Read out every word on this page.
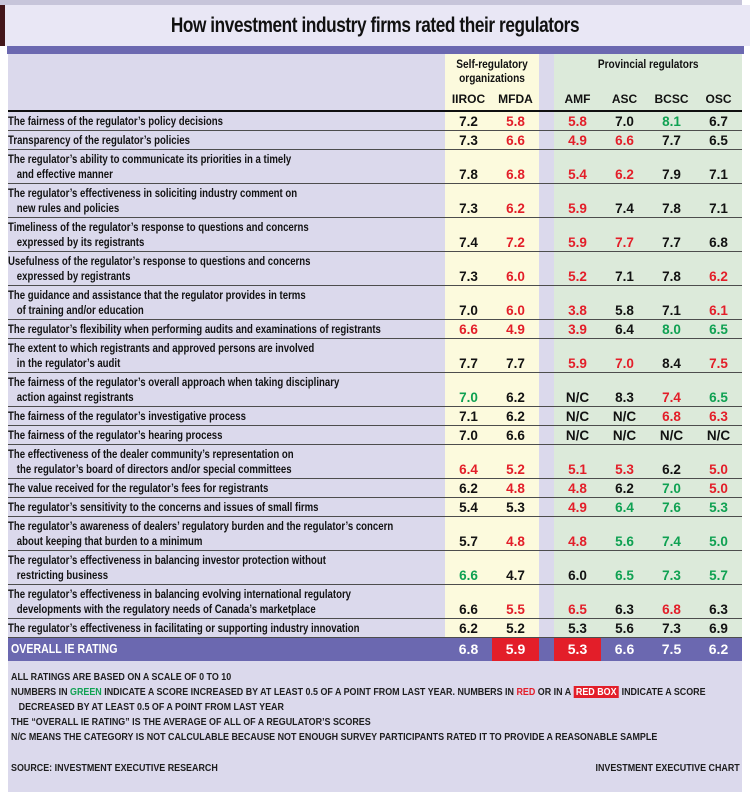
How investment industry firms rated their regulators
Self-regulatory organizations
Provincial regulators
IIROC	MFDA	AMF	ASC	BCSC	OSC
The fairness of the regulator’s policy decisions	7.2	5.8	5.8	7.0	8.1	6.7
Transparency of the regulator’s policies	7.3	6.6	4.9	6.6	7.7	6.5
The regulator’s ability to communicate its priorities in a timely
and effective manner	7.8	6.8	5.4	6.2	7.9	7.1
The regulator’s effectiveness in soliciting industry comment on
new rules and policies	7.3	6.2	5.9	7.4	7.8	7.1
Timeliness of the regulator’s response to questions and concerns
expressed by its registrants	7.4	7.2	5.9	7.7	7.7	6.8
Usefulness of the regulator’s response to questions and concerns
expressed by registrants	7.3	6.0	5.2	7.1	7.8	6.2
The guidance and assistance that the regulator provides in terms
of training and/or education	7.0	6.0	3.8	5.8	7.1	6.1
The regulator’s flexibility when performing audits and examinations of registrants	6.6	4.9	3.9	6.4	8.0	6.5
The extent to which registrants and approved persons are involved
in the regulator’s audit	7.7	7.7	5.9	7.0	8.4	7.5
The fairness of the regulator’s overall approach when taking disciplinary
action against registrants	7.0	6.2	N/C	8.3	7.4	6.5
The fairness of the regulator’s investigative process	7.1	6.2	N/C	N/C	6.8	6.3
The fairness of the regulator’s hearing process	7.0	6.6	N/C	N/C	N/C	N/C
The effectiveness of the dealer community’s representation on
the regulator’s board of directors and/or special committees	6.4	5.2	5.1	5.3	6.2	5.0
The value received for the regulator’s fees for registrants	6.2	4.8	4.8	6.2	7.0	5.0
The regulator’s sensitivity to the concerns and issues of small firms	5.4	5.3	4.9	6.4	7.6	5.3
The regulator’s awareness of dealers’ regulatory burden and the regulator’s concern
about keeping that burden to a minimum	5.7	4.8	4.8	5.6	7.4	5.0
The regulator’s effectiveness in balancing investor protection without
restricting business	6.6	4.7	6.0	6.5	7.3	5.7
The regulator’s effectiveness in balancing evolving international regulatory
developments with the regulatory needs of Canada’s marketplace	6.6	5.5	6.5	6.3	6.8	6.3
The regulator’s effectiveness in facilitating or supporting industry innovation	6.2	5.2	5.3	5.6	7.3	6.9
OVERALL IE RATING	6.8	5.9	5.3	6.6	7.5	6.2
ALL RATINGS ARE BASED ON A SCALE OF 0 TO 10
NUMBERS IN GREEN INDICATE A SCORE INCREASED BY AT LEAST 0.5 OF A POINT FROM LAST YEAR. NUMBERS IN RED OR IN A RED BOX INDICATE A SCORE
DECREASED BY AT LEAST 0.5 OF A POINT FROM LAST YEAR
THE “OVERALL IE RATING” IS THE AVERAGE OF ALL OF A REGULATOR’S SCORES
N/C MEANS THE CATEGORY IS NOT CALCULABLE BECAUSE NOT ENOUGH SURVEY PARTICIPANTS RATED IT TO PROVIDE A REASONABLE SAMPLE
SOURCE: INVESTMENT EXECUTIVE RESEARCH	INVESTMENT EXECUTIVE CHART
